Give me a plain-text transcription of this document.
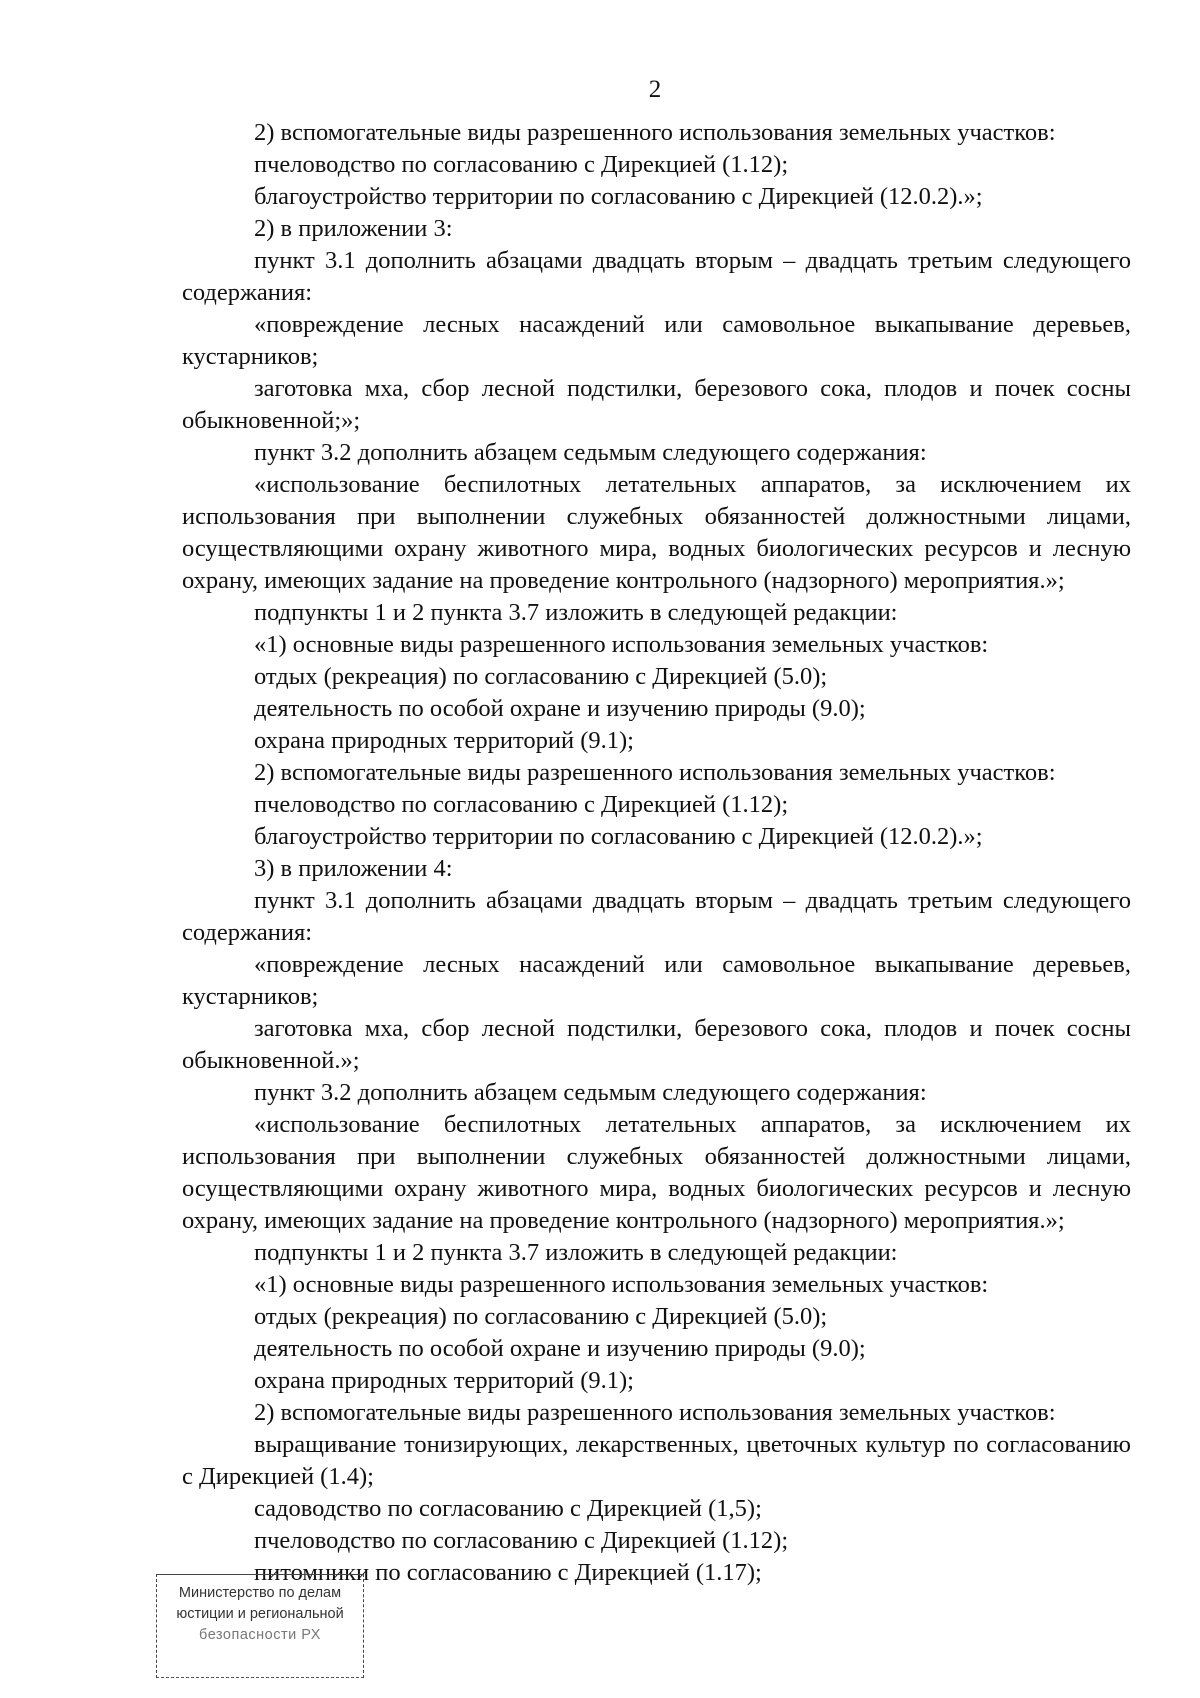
2

2) вспомогательные виды разрешенного использования земельных участков:

пчеловодство по согласованию с Дирекцией (1.12);

благоустройство территории по согласованию с Дирекцией (12.0.2).»;

2) в приложении 3:

пункт 3.1 дополнить абзацами двадцать вторым – двадцать третьим следующего содержания:

«повреждение лесных насаждений или самовольное выкапывание деревьев, кустарников;

заготовка мха, сбор лесной подстилки, березового сока, плодов и почек сосны обыкновенной;»;

пункт 3.2 дополнить абзацем седьмым следующего содержания:

«использование беспилотных летательных аппаратов, за исключением их использования при выполнении служебных обязанностей должностными лицами, осуществляющими охрану животного мира, водных биологических ресурсов и лесную охрану, имеющих задание на проведение контрольного (надзорного) мероприятия.»;

подпункты 1 и 2 пункта 3.7 изложить в следующей редакции:

«1) основные виды разрешенного использования земельных участков:

отдых (рекреация) по согласованию с Дирекцией (5.0);

деятельность по особой охране и изучению природы (9.0);

охрана природных территорий (9.1);

2) вспомогательные виды разрешенного использования земельных участков:

пчеловодство по согласованию с Дирекцией (1.12);

благоустройство территории по согласованию с Дирекцией (12.0.2).»;

3) в приложении 4:

пункт 3.1 дополнить абзацами двадцать вторым – двадцать третьим следующего содержания:

«повреждение лесных насаждений или самовольное выкапывание деревьев, кустарников;

заготовка мха, сбор лесной подстилки, березового сока, плодов и почек сосны обыкновенной.»;

пункт 3.2 дополнить абзацем седьмым следующего содержания:

«использование беспилотных летательных аппаратов, за исключением их использования при выполнении служебных обязанностей должностными лицами, осуществляющими охрану животного мира, водных биологических ресурсов и лесную охрану, имеющих задание на проведение контрольного (надзорного) мероприятия.»;

подпункты 1 и 2 пункта 3.7 изложить в следующей редакции:

«1) основные виды разрешенного использования земельных участков:

отдых (рекреация) по согласованию с Дирекцией (5.0);

деятельность по особой охране и изучению природы (9.0);

охрана природных территорий (9.1);

2) вспомогательные виды разрешенного использования земельных участков:

выращивание тонизирующих, лекарственных, цветочных культур по согласованию с Дирекцией (1.4);

садоводство по согласованию с Дирекцией (1,5);

пчеловодство по согласованию с Дирекцией (1.12);

питомники по согласованию с Дирекцией (1.17);

Министерство по делам
юстиции и региональной
безопасности РХ
